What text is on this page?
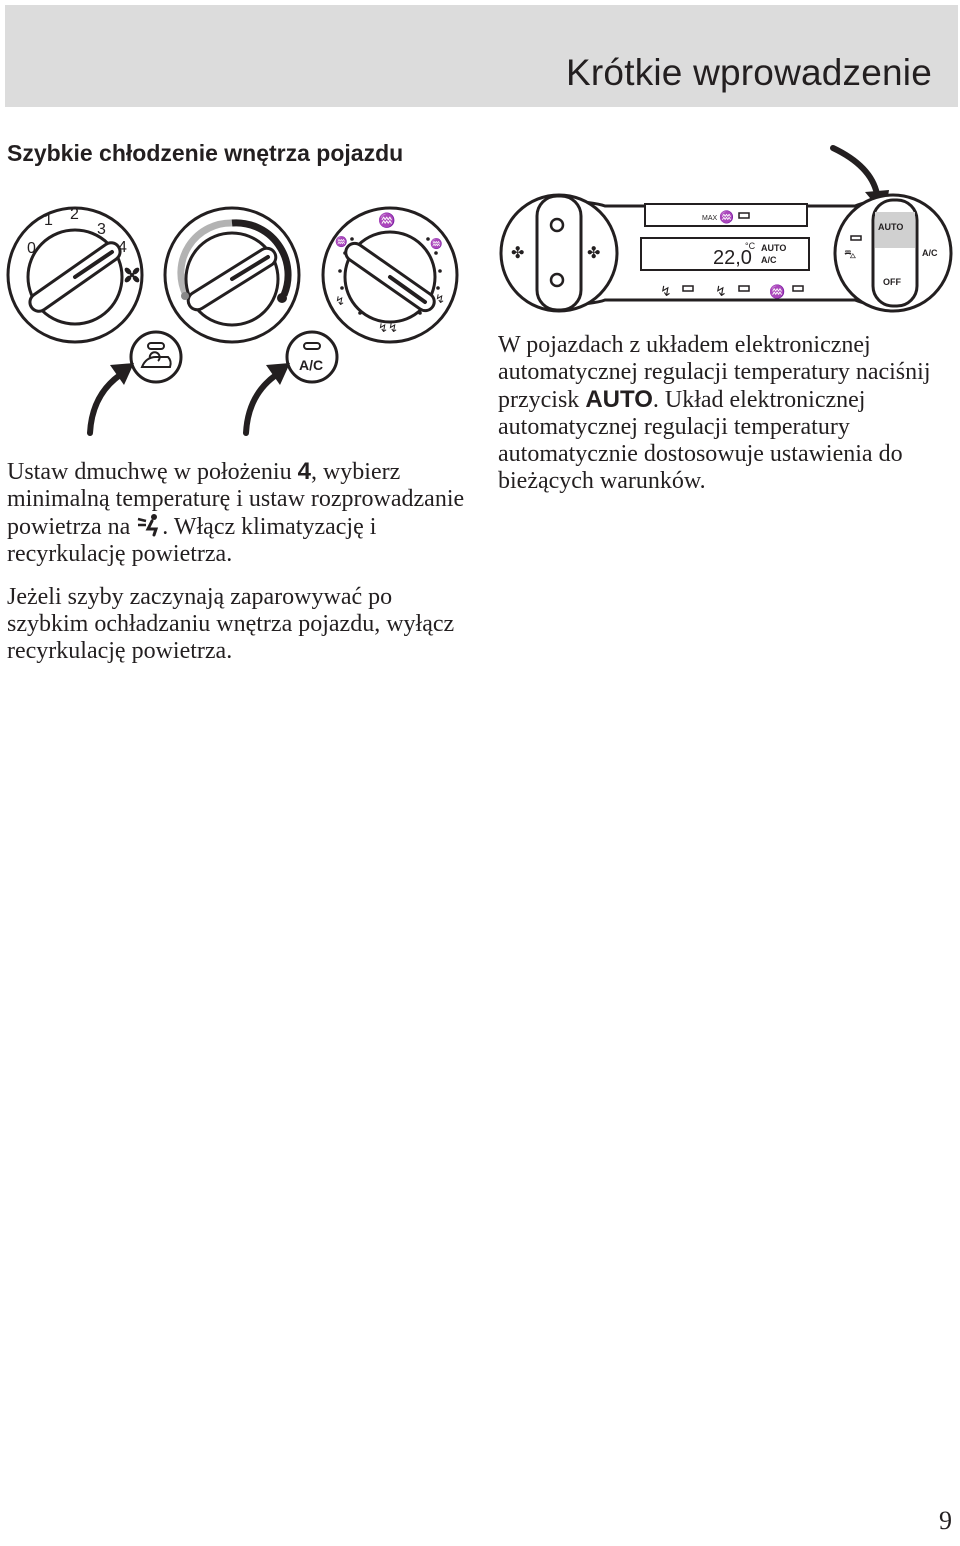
Krótkie wprowadzenie
Szybkie chłodzenie wnętrza pojazdu
0
1 2
3
4
♒
♒	♒
↯	↯
↯↯
A/C
✤	✤
MAX ♒
22,0
°C AUTO
A/C
↯	↯	♒
AUTO
OFF
A/C
⛍

Ustaw dmuchwę w położeniu 4, wybierz minimalną temperaturę i ustaw rozprowadzanie powietrza na . Włącz klimatyzację i recyrkulację powietrza.

Jeżeli szyby zaczynają zaparowywać po szybkim ochładzaniu wnętrza pojazdu, wyłącz recyrkulację powietrza.

W pojazdach z układem elektronicznej automatycznej regulacji temperatury naciśnij przycisk AUTO. Układ elektronicznej automatycznej regulacji temperatury automatycznie dostosowuje ustawienia do bieżących warunków.

9
